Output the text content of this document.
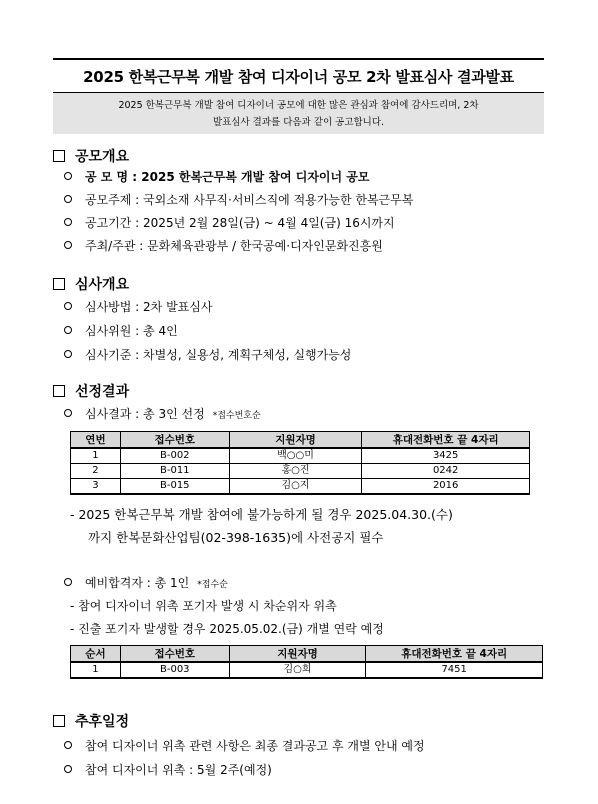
2025 한복근무복 개발 참여 디자이너 공모 2차 발표심사 결과발표
2025 한복근무복 개발 참여 디자이너 공모에 대한 많은 관심과 참여에 감사드리며, 2차
발표심사 결과를 다음과 같이 공고합니다.
공모개요
공 모 명 : 2025 한복근무복 개발 참여 디자이너 공모
공모주제 : 국외소재 사무직·서비스직에 적용가능한 한복근무복
공고기간 : 2025년 2월 28일(금) ~ 4월 4일(금) 16시까지
주최/주관 : 문화체육관광부 / 한국공예·디자인문화진흥원
심사개요
심사방법 : 2차 발표심사
심사위원 : 총 4인
심사기준 : 차별성, 실용성, 계획구체성, 실행가능성
선정결과
심사결과 : 총 3인 선정 *접수번호순
연번	접수번호	지원자명	휴대전화번호 끝 4자리
1	B-002	백○○미	3425
2	B-011	홍○진	0242
3	B-015	김○지	2016
- 2025 한복근무복 개발 참여에 불가능하게 될 경우 2025.04.30.(수)
까지 한복문화산업팀(02-398-1635)에 사전공지 필수
예비합격자 : 총 1인 *접수순
- 참여 디자이너 위촉 포기자 발생 시 차순위자 위촉
- 진출 포기자 발생할 경우 2025.05.02.(금) 개별 연락 예정
순서	접수번호	지원자명	휴대전화번호 끝 4자리
1	B-003	김○희	7451
추후일정
참여 디자이너 위촉 관련 사항은 최종 결과공고 후 개별 안내 예정
참여 디자이너 위촉 : 5월 2주(예정)
